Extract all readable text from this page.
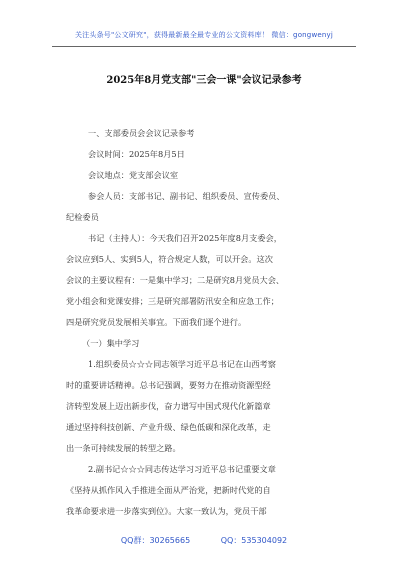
关注头条号"公文研究"，获得最新最全最专业的公文资料库！ 微信：gongwenyj
2025年8月党支部"三会一课"会议记录参考
一、支部委员会会议记录参考
会议时间：2025年8月5日
会议地点：党支部会议室
参会人员：支部书记、副书记、组织委员、宣传委员、
纪检委员
书记（主持人）：今天我们召开2025年度8月支委会，
会议应到5人、实到5人，符合规定人数，可以开会。这次
会议的主要议程有：一是集中学习；二是研究8月党员大会、
党小组会和党课安排；三是研究部署防汛安全和应急工作；
四是研究党员发展相关事宜。下面我们逐个进行。
（一）集中学习
1.组织委员☆☆☆同志领学习近平总书记在山西考察
时的重要讲话精神。总书记强调，要努力在推动资源型经
济转型发展上迈出新步伐，奋力谱写中国式现代化新篇章
通过坚持科技创新、产业升级、绿色低碳和深化改革，走
出一条可持续发展的转型之路。
2.副书记☆☆☆同志传达学习习近平总书记重要文章
《坚持从抓作风入手推进全面从严治党，把新时代党的自
我革命要求进一步落实到位》。大家一致认为，党员干部
QQ群：30265665	QQ：535304092
